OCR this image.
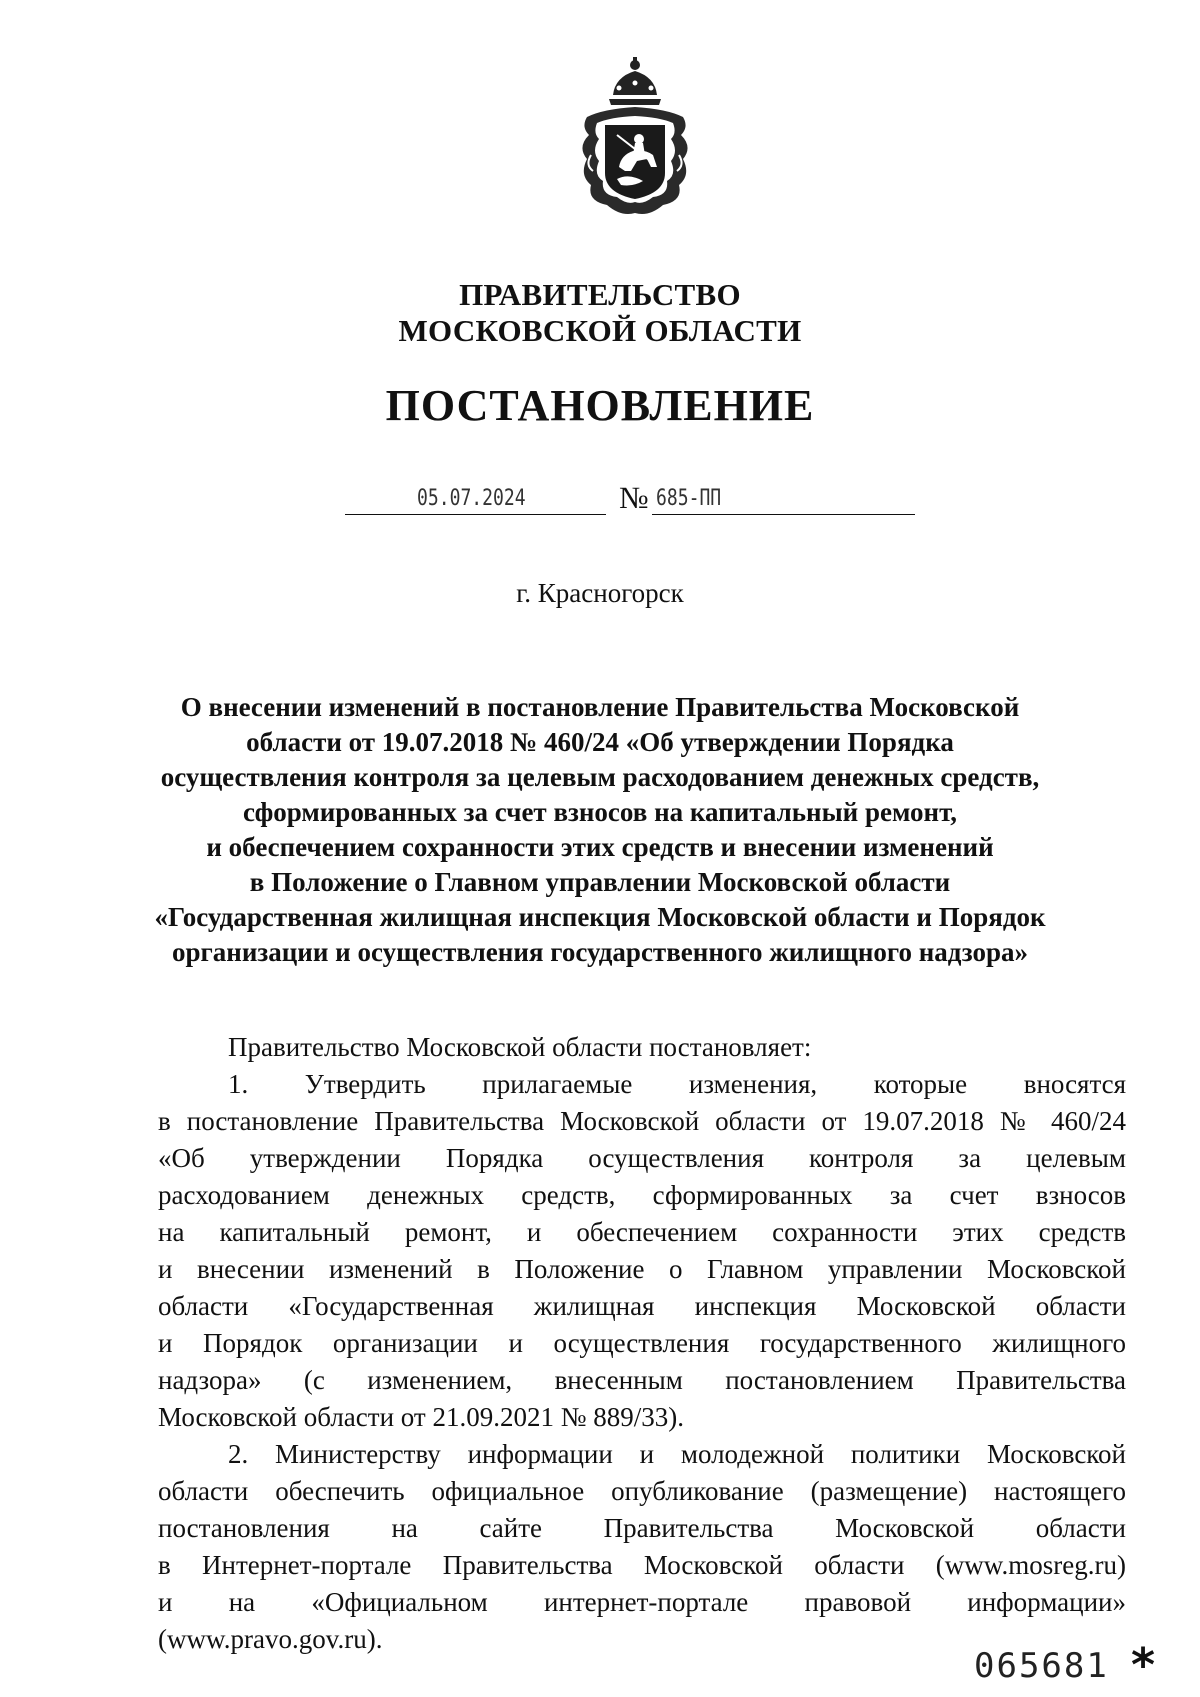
ПРАВИТЕЛЬСТВО
МОСКОВСКОЙ ОБЛАСТИ
ПОСТАНОВЛЕНИЕ
05.07.2024	№ 685-ПП
г. Красногорск
О внесении изменений в постановление Правительства Московской
области от 19.07.2018 № 460/24 «Об утверждении Порядка
осуществления контроля за целевым расходованием денежных средств,
сформированных за счет взносов на капитальный ремонт,
и обеспечением сохранности этих средств и внесении изменений
в Положение о Главном управлении Московской области
«Государственная жилищная инспекция Московской области и Порядок
организации и осуществления государственного жилищного надзора»
Правительство Московской области постановляет:
1. Утвердить прилагаемые изменения, которые вносятся
в постановление Правительства Московской области от 19.07.2018 № 460/24
«Об утверждении Порядка осуществления контроля за целевым
расходованием денежных средств, сформированных за счет взносов
на капитальный ремонт, и обеспечением сохранности этих средств
и внесении изменений в Положение о Главном управлении Московской
области «Государственная жилищная инспекция Московской области
и Порядок организации и осуществления государственного жилищного
надзора» (с изменением, внесенным постановлением Правительства
Московской области от 21.09.2021 № 889/33).
2. Министерству информации и молодежной политики Московской
области обеспечить официальное опубликование (размещение) настоящего
постановления на сайте Правительства Московской области
в Интернет-портале Правительства Московской области (www.mosreg.ru)
и на «Официальном интернет-портале правовой информации»
(www.pravo.gov.ru).
065681 *
